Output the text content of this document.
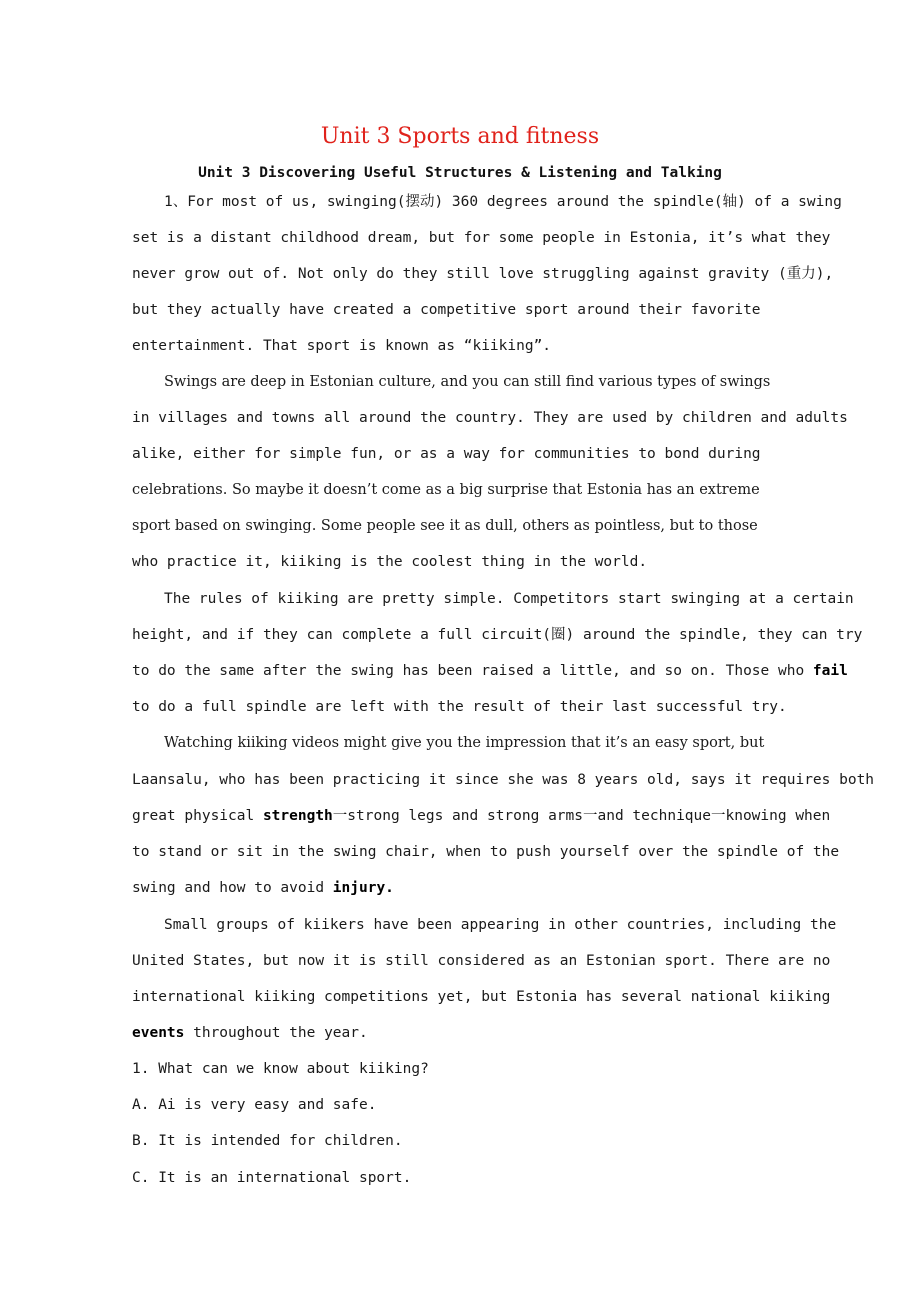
Unit 3 Sports and fitness
Unit 3 Discovering Useful Structures & Listening and Talking
1、For most of us, swinging(摆动) 360 degrees around the spindle(轴) of a swing
set is a distant childhood dream, but for some people in Estonia, it’s what they
never grow out of. Not only do they still love struggling against gravity (重力),
but they actually have created a competitive sport around their favorite
entertainment. That sport is known as “kiiking”.
Swings are deep in Estonian culture, and you can still find various types of swings
in villages and towns all around the country. They are used by children and adults
alike, either for simple fun, or as a way for communities to bond during
celebrations. So maybe it doesn’t come as a big surprise that Estonia has an extreme
sport based on swinging. Some people see it as dull, others as pointless, but to those
who practice it, kiiking is the coolest thing in the world.
The rules of kiiking are pretty simple. Competitors start swinging at a certain
height, and if they can complete a full circuit(圈) around the spindle, they can try
to do the same after the swing has been raised a little, and so on. Those who fail
to do a full spindle are left with the result of their last successful try.
Watching kiiking videos might give you the impression that it’s an easy sport, but
Laansalu, who has been practicing it since she was 8 years old, says it requires both
great physical strength一strong legs and strong arms一and technique一knowing when
to stand or sit in the swing chair, when to push yourself over the spindle of the
swing and how to avoid injury.
Small groups of kiikers have been appearing in other countries, including the
United States, but now it is still considered as an Estonian sport. There are no
international kiiking competitions yet, but Estonia has several national kiiking
events throughout the year.
1. What can we know about kiiking?
A. Ai is very easy and safe.
B. It is intended for children.
C. It is an international sport.
